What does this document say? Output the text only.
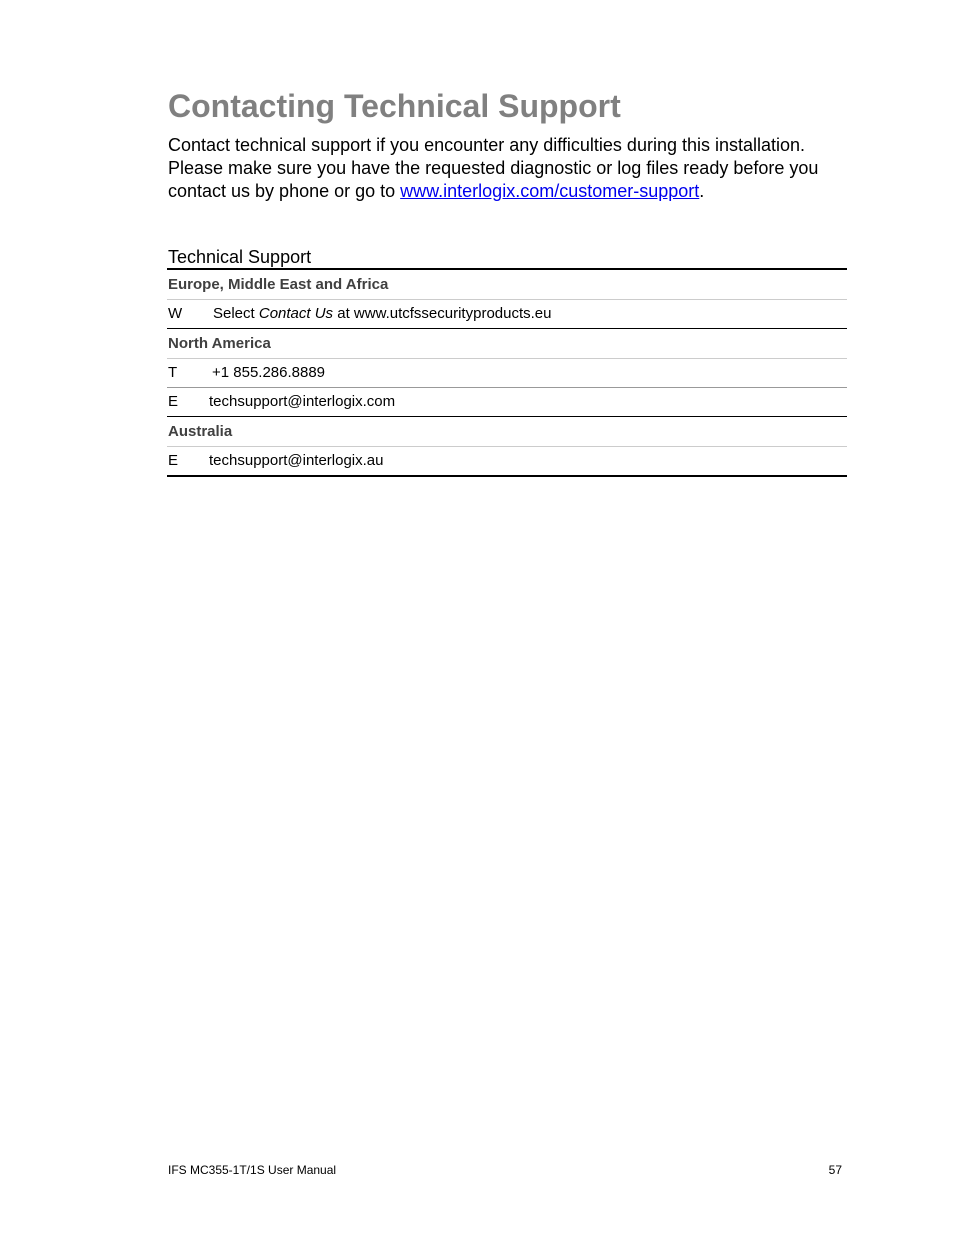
Contacting Technical Support

Contact technical support if you encounter any difficulties during this installation. Please make sure you have the requested diagnostic or log files ready before you contact us by phone or go to www.interlogix.com/customer-support.

Technical Support
Europe, Middle East and Africa
W	Select Contact Us at www.utcfssecurityproducts.eu
North America
T	+1 855.286.8889
E	techsupport@interlogix.com
Australia
E	techsupport@interlogix.au
IFS MC355-1T/1S User Manual	57
